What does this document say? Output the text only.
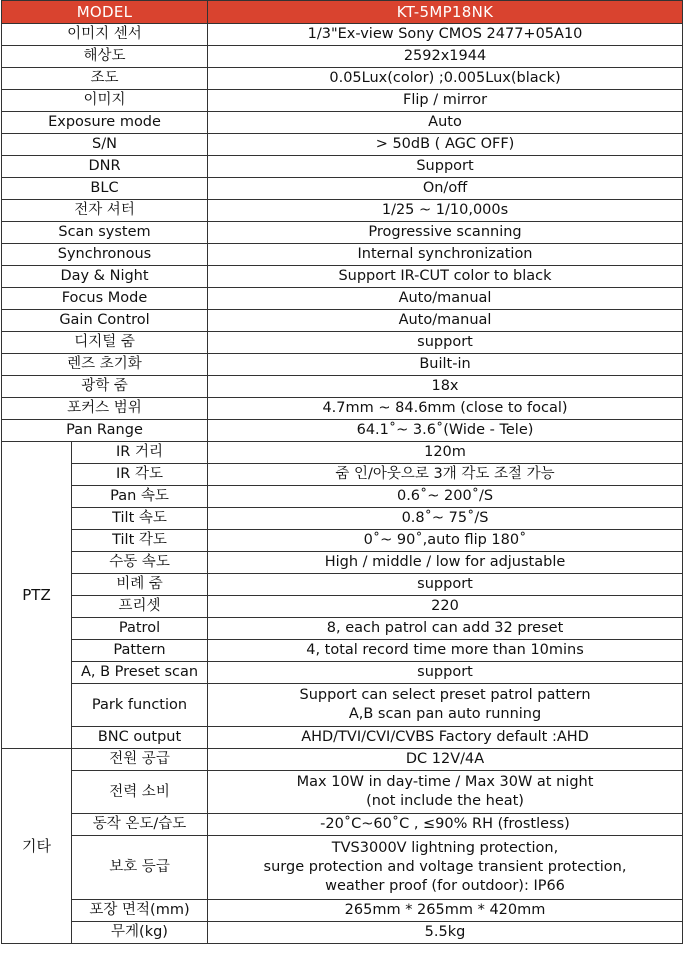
MODEL		KT-5MP18NK
이미지 센서		1/3"Ex-view Sony CMOS 2477+05A10
해상도		2592x1944
조도		0.05Lux(color) ;0.005Lux(black)
이미지		Flip / mirror
Exposure mode		Auto
S/N		> 50dB ( AGC OFF)
DNR		Support
BLC		On/off
전자 셔터		1/25 ~ 1/10,000s
Scan system		Progressive scanning
Synchronous		Internal synchronization
Day & Night		Support IR-CUT color to black
Focus Mode		Auto/manual
Gain Control		Auto/manual
디지털 줌		support
렌즈 초기화		Built-in
광학 줌		18x
포커스 범위		4.7mm ~ 84.6mm (close to focal)
Pan Range		64.1˚~ 3.6˚(Wide - Tele)
PTZ	IR 거리	120m
	IR 각도	줌 인/아웃으로 3개 각도 조절 가능
	Pan 속도	0.6˚~ 200˚/S
	Tilt 속도	0.8˚~ 75˚/S
	Tilt 각도	0˚~ 90˚,auto flip 180˚
	수동 속도	High / middle / low for adjustable
	비례 줌	support
	프리셋	220
	Patrol	8, each patrol can add 32 preset
	Pattern	4, total record time more than 10mins
	A, B Preset scan	support
	Park function	Support can select preset patrol pattern
A,B scan pan auto running

	BNC output	AHD/TVI/CVI/CVBS Factory default :AHD
기타	전원 공급	DC 12V/4A
	전력 소비	Max 10W in day-time / Max 30W at night
(not include the heat)

	동작 온도/습도	-20˚C~60˚C , ≤90% RH (frostless)
	보호 등급	TVS3000V lightning protection,
surge protection and voltage transient protection,
weather proof (for outdoor): IP66

	포장 면적(mm)	265mm * 265mm * 420mm
	무게(kg)	5.5kg
